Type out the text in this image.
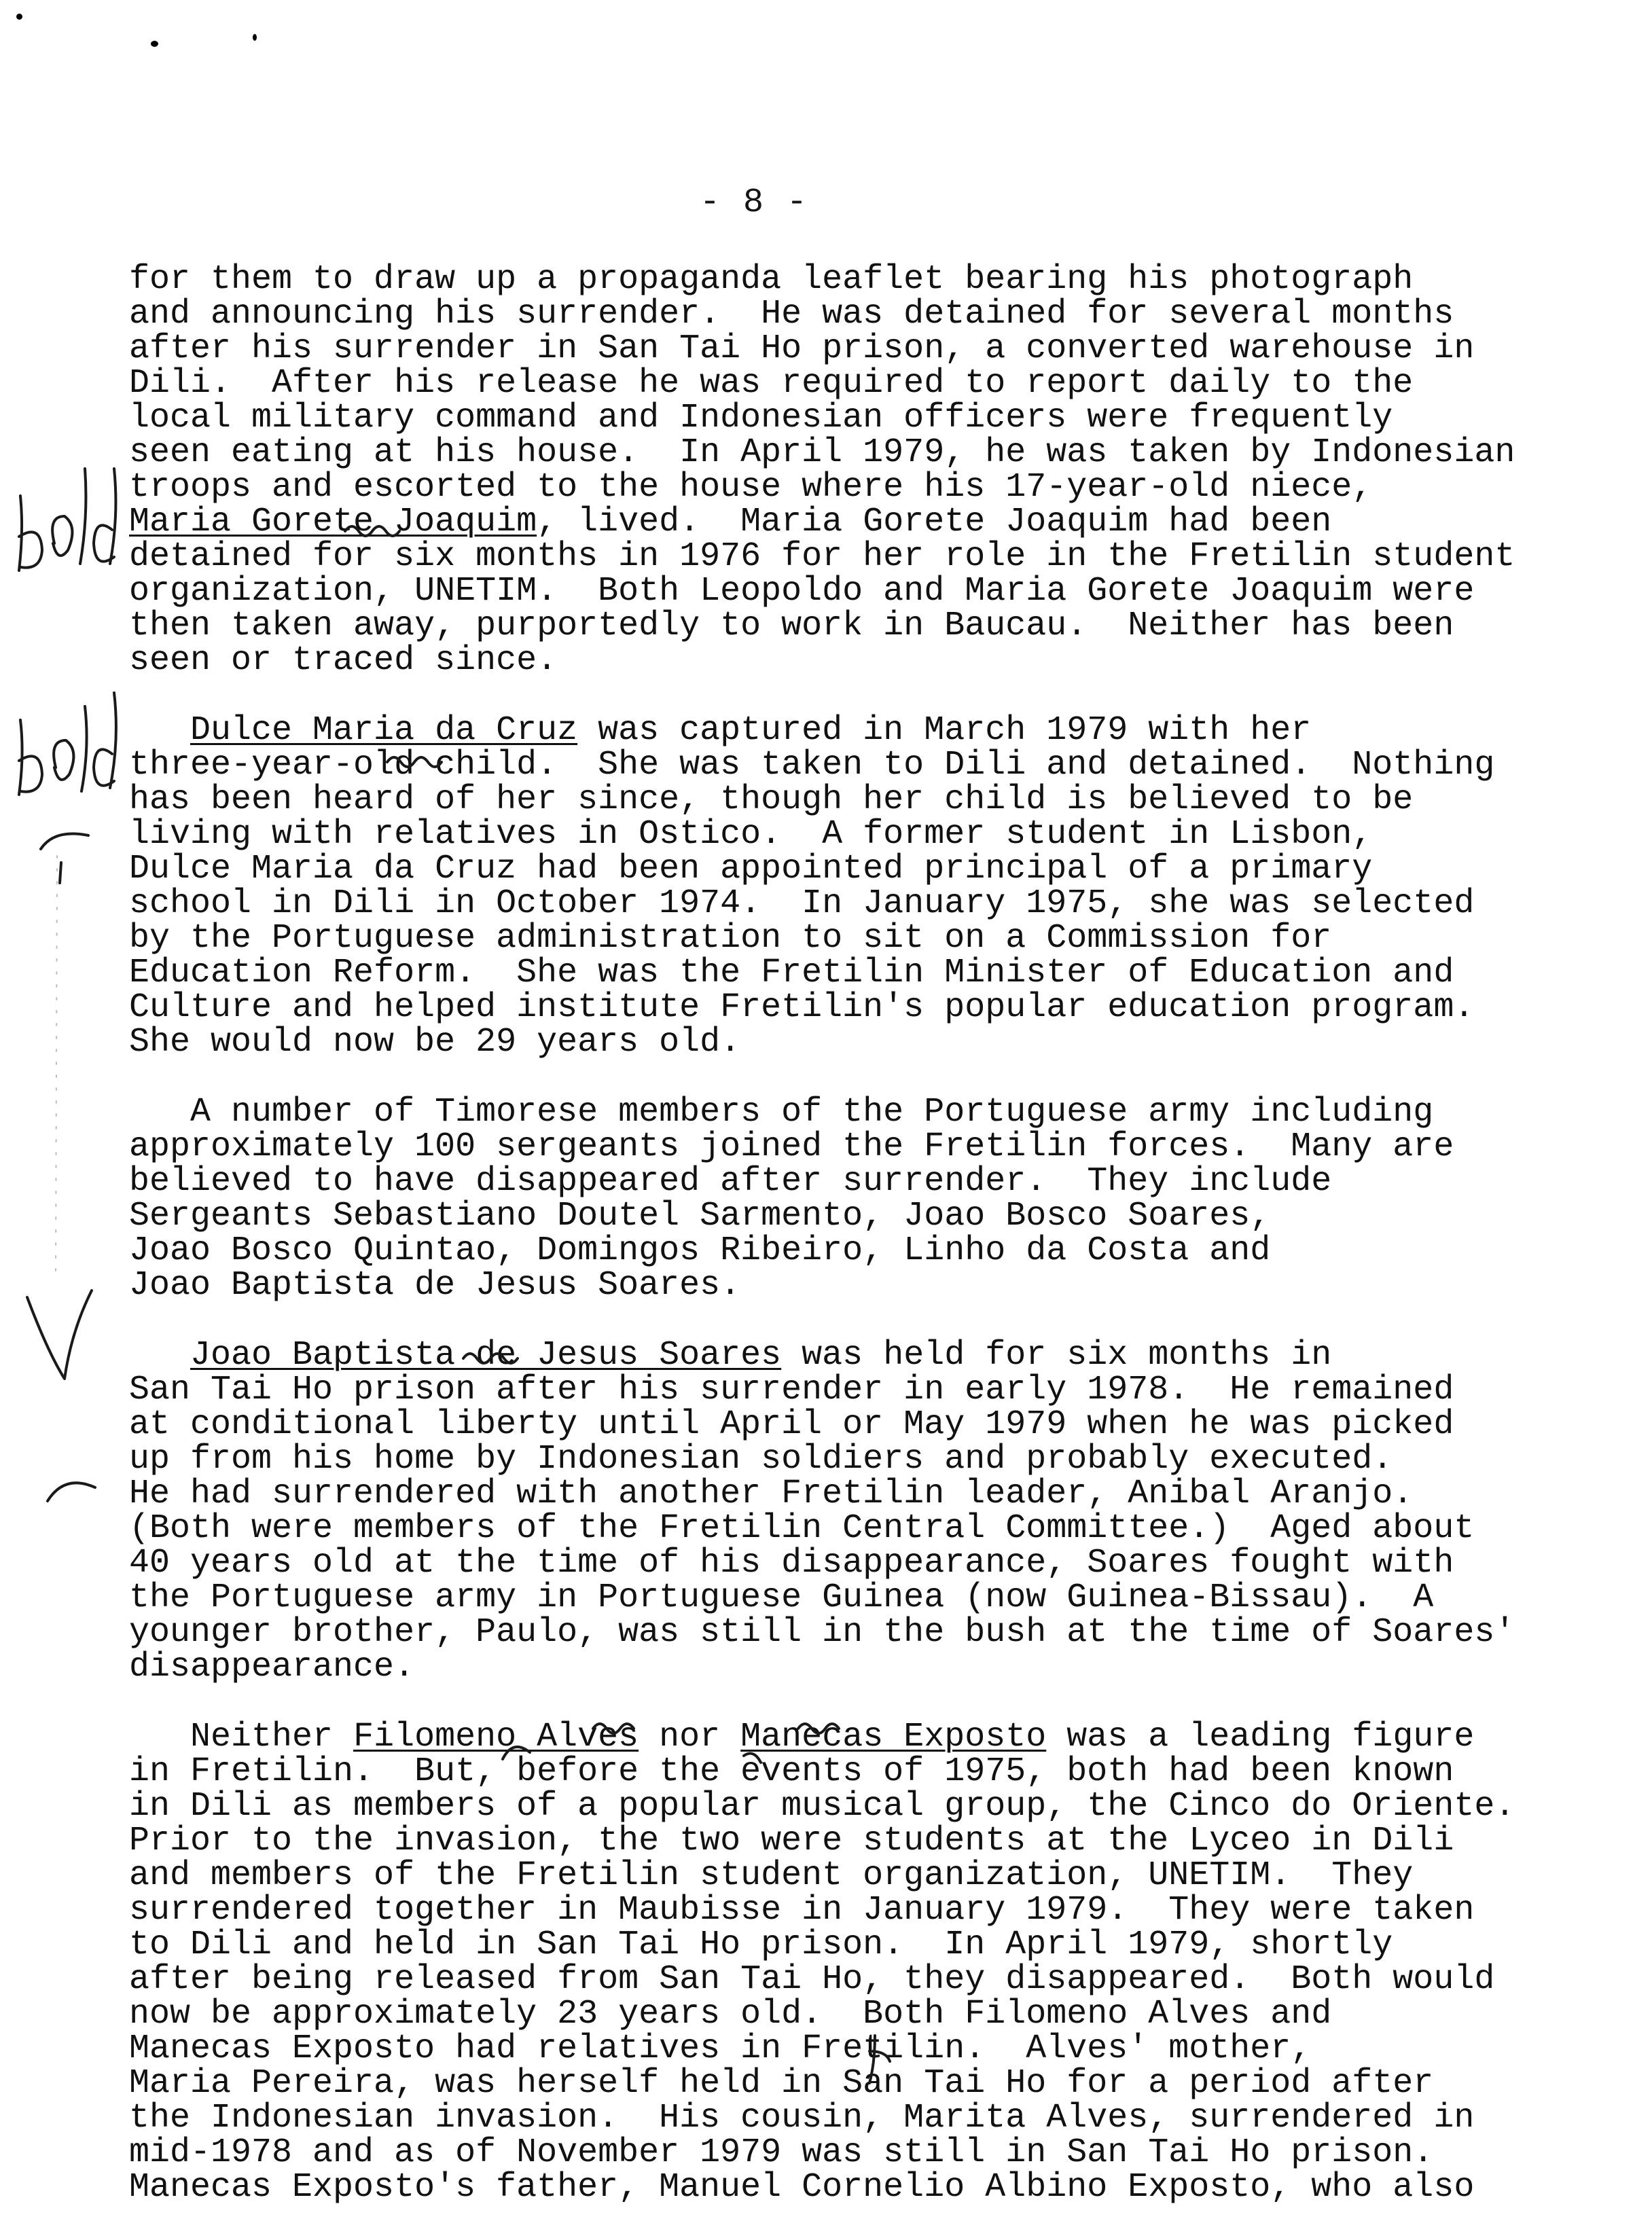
- 8 -
for them to draw up a propaganda leaflet bearing his photograph
and announcing his surrender.  He was detained for several months
after his surrender in San Tai Ho prison, a converted warehouse in
Dili.  After his release he was required to report daily to the
local military command and Indonesian officers were frequently
seen eating at his house.  In April 1979, he was taken by Indonesian
troops and escorted to the house where his 17-year-old niece,
Maria Gorete Joaquim, lived.  Maria Gorete Joaquim had been
detained for six months in 1976 for her role in the Fretilin student
organization, UNETIM.  Both Leopoldo and Maria Gorete Joaquim were
then taken away, purportedly to work in Baucau.  Neither has been
seen or traced since.
Dulce Maria da Cruz was captured in March 1979 with her
three-year-old child.  She was taken to Dili and detained.  Nothing
has been heard of her since, though her child is believed to be
living with relatives in Ostico.  A former student in Lisbon,
Dulce Maria da Cruz had been appointed principal of a primary
school in Dili in October 1974.  In January 1975, she was selected
by the Portuguese administration to sit on a Commission for
Education Reform.  She was the Fretilin Minister of Education and
Culture and helped institute Fretilin's popular education program.
She would now be 29 years old.
A number of Timorese members of the Portuguese army including
approximately 100 sergeants joined the Fretilin forces.  Many are
believed to have disappeared after surrender.  They include
Sergeants Sebastiano Doutel Sarmento, Joao Bosco Soares,
Joao Bosco Quintao, Domingos Ribeiro, Linho da Costa and
Joao Baptista de Jesus Soares.
Joao Baptista de Jesus Soares was held for six months in
San Tai Ho prison after his surrender in early 1978.  He remained
at conditional liberty until April or May 1979 when he was picked
up from his home by Indonesian soldiers and probably executed.
He had surrendered with another Fretilin leader, Anibal Aranjo.
(Both were members of the Fretilin Central Committee.)  Aged about
40 years old at the time of his disappearance, Soares fought with
the Portuguese army in Portuguese Guinea (now Guinea-Bissau).  A
younger brother, Paulo, was still in the bush at the time of Soares'
disappearance.
Neither Filomeno Alves nor Manecas Exposto was a leading figure
in Fretilin.  But, before the events of 1975, both had been known
in Dili as members of a popular musical group, the Cinco do Oriente.
Prior to the invasion, the two were students at the Lyceo in Dili
and members of the Fretilin student organization, UNETIM.  They
surrendered together in Maubisse in January 1979.  They were taken
to Dili and held in San Tai Ho prison.  In April 1979, shortly
after being released from San Tai Ho, they disappeared.  Both would
now be approximately 23 years old.  Both Filomeno Alves and
Manecas Exposto had relatives in Fretilin.  Alves' mother,
Maria Pereira, was herself held in San Tai Ho for a period after
the Indonesian invasion.  His cousin, Marita Alves, surrendered in
mid-1978 and as of November 1979 was still in San Tai Ho prison.
Manecas Exposto's father, Manuel Cornelio Albino Exposto, who also
